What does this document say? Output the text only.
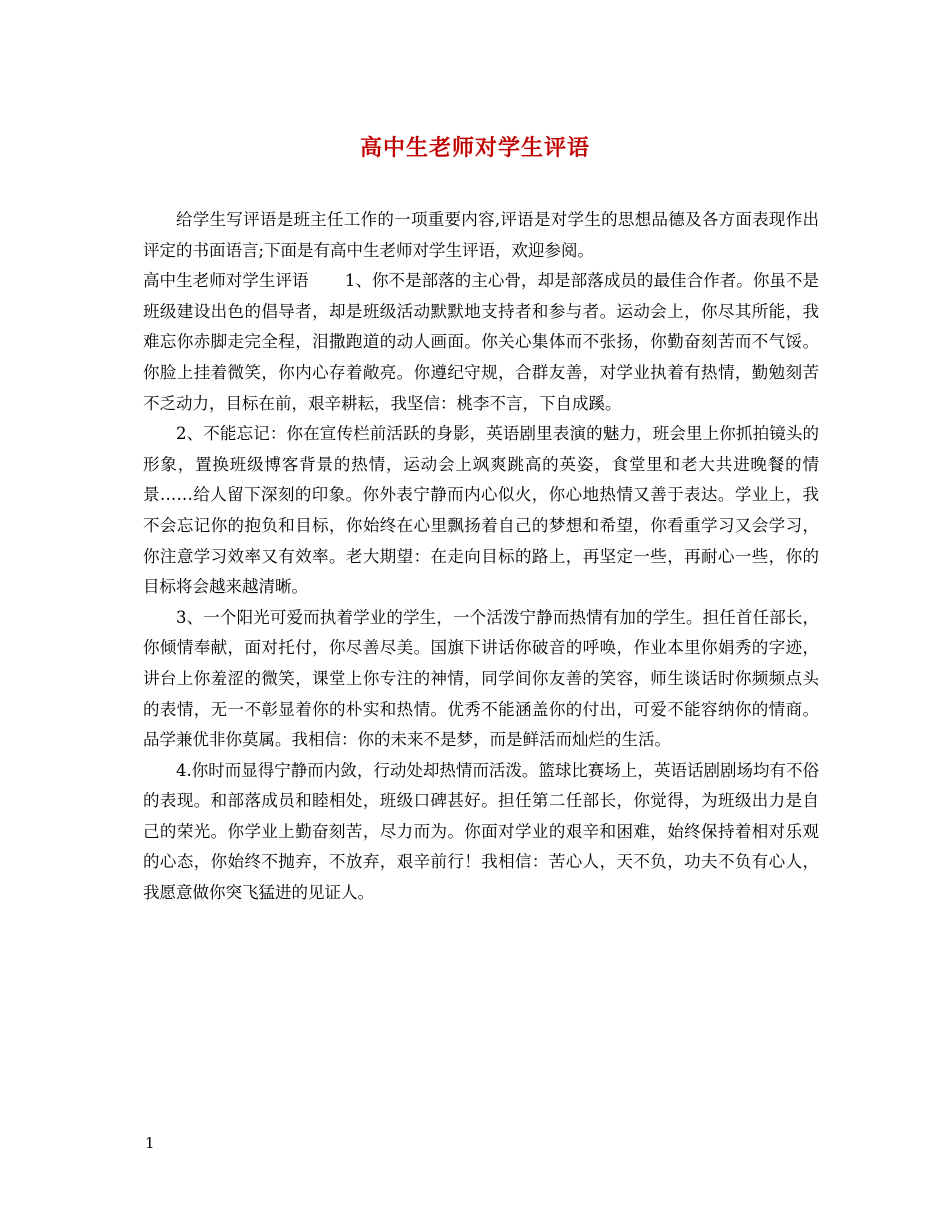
高中生老师对学生评语

给学生写评语是班主任工作的一项重要内容,评语是对学生的思想品德及各方面表现作出评定的书面语言;下面是有高中生老师对学生评语，欢迎参阅。

高中生老师对学生评语 1、你不是部落的主心骨，却是部落成员的最佳合作者。你虽不是班级建设出色的倡导者，却是班级活动默默地支持者和参与者。运动会上，你尽其所能，我难忘你赤脚走完全程，泪撒跑道的动人画面。你关心集体而不张扬，你勤奋刻苦而不气馁。你脸上挂着微笑，你内心存着敞亮。你遵纪守规，合群友善，对学业执着有热情，勤勉刻苦不乏动力，目标在前，艰辛耕耘，我坚信：桃李不言，下自成蹊。

2、不能忘记：你在宣传栏前活跃的身影，英语剧里表演的魅力，班会里上你抓拍镜头的形象，置换班级博客背景的热情，运动会上飒爽跳高的英姿，食堂里和老大共进晚餐的情景……给人留下深刻的印象。你外表宁静而内心似火，你心地热情又善于表达。学业上，我不会忘记你的抱负和目标，你始终在心里飘扬着自己的梦想和希望，你看重学习又会学习，你注意学习效率又有效率。老大期望：在走向目标的路上，再坚定一些，再耐心一些，你的目标将会越来越清晰。

3、一个阳光可爱而执着学业的学生，一个活泼宁静而热情有加的学生。担任首任部长，你倾情奉献，面对托付，你尽善尽美。国旗下讲话你破音的呼唤，作业本里你娟秀的字迹，讲台上你羞涩的微笑，课堂上你专注的神情，同学间你友善的笑容，师生谈话时你频频点头的表情，无一不彰显着你的朴实和热情。优秀不能涵盖你的付出，可爱不能容纳你的情商。品学兼优非你莫属。我相信：你的未来不是梦，而是鲜活而灿烂的生活。

4.你时而显得宁静而内敛，行动处却热情而活泼。篮球比赛场上，英语话剧剧场均有不俗的表现。和部落成员和睦相处，班级口碑甚好。担任第二任部长，你觉得，为班级出力是自己的荣光。你学业上勤奋刻苦，尽力而为。你面对学业的艰辛和困难，始终保持着相对乐观的心态，你始终不抛弃，不放弃，艰辛前行！我相信：苦心人，天不负，功夫不负有心人，我愿意做你突飞猛进的见证人。

1
